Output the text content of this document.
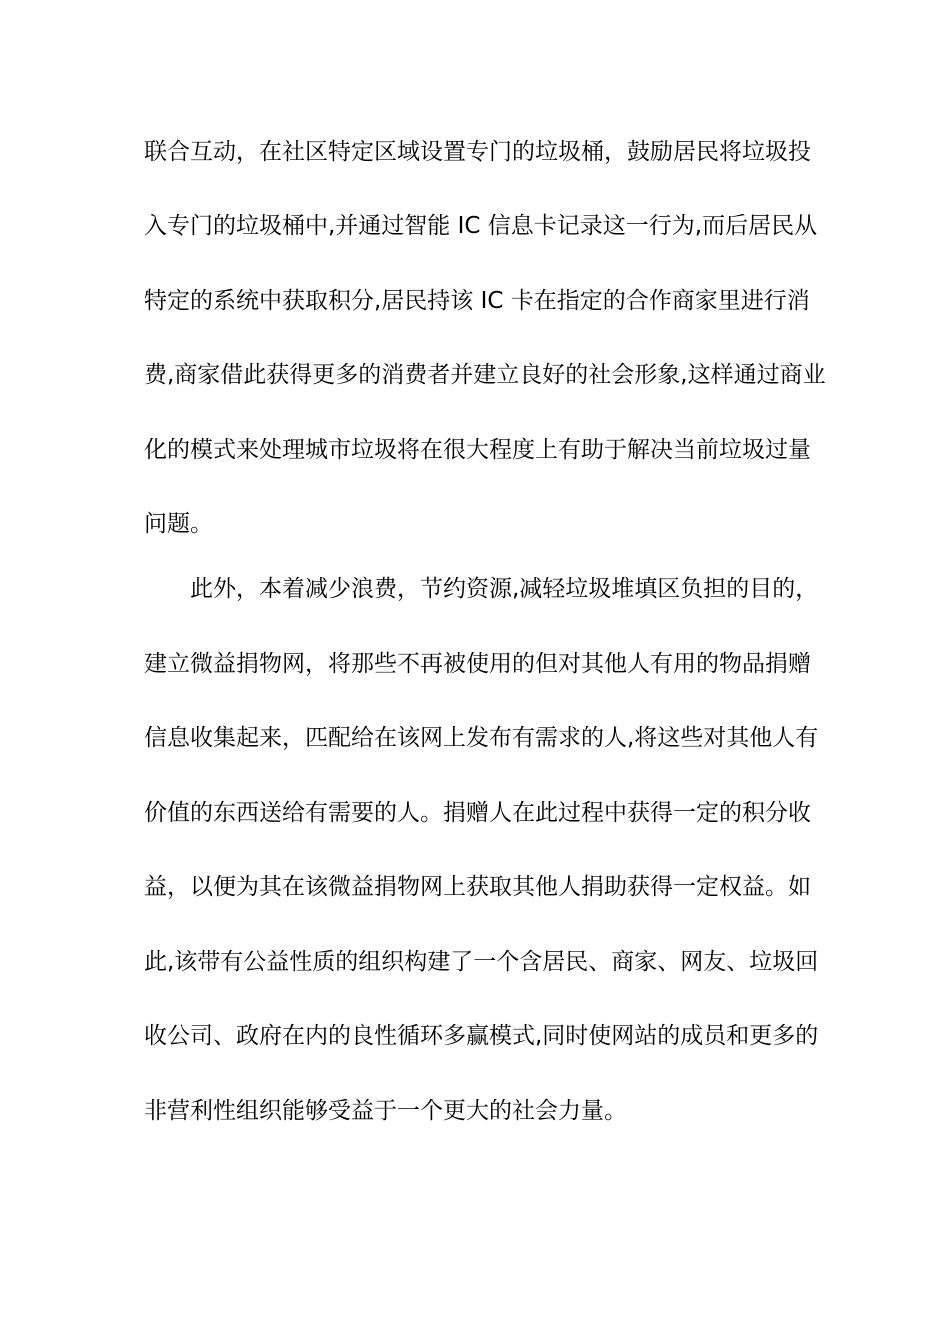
联合互动，在社区特定区域设置专门的垃圾桶，鼓励居民将垃圾投
入专门的垃圾桶中,并通过智能 IC 信息卡记录这一行为,而后居民从
特定的系统中获取积分,居民持该 IC 卡在指定的合作商家里进行消
费,商家借此获得更多的消费者并建立良好的社会形象,这样通过商业
化的模式来处理城市垃圾将在很大程度上有助于解决当前垃圾过量
问题。
此外，本着减少浪费，节约资源,减轻垃圾堆填区负担的目的，
建立微益捐物网，将那些不再被使用的但对其他人有用的物品捐赠
信息收集起来，匹配给在该网上发布有需求的人,将这些对其他人有
价值的东西送给有需要的人。捐赠人在此过程中获得一定的积分收
益，以便为其在该微益捐物网上获取其他人捐助获得一定权益。如
此,该带有公益性质的组织构建了一个含居民、商家、网友、垃圾回
收公司、政府在内的良性循环多赢模式,同时使网站的成员和更多的
非营利性组织能够受益于一个更大的社会力量。
